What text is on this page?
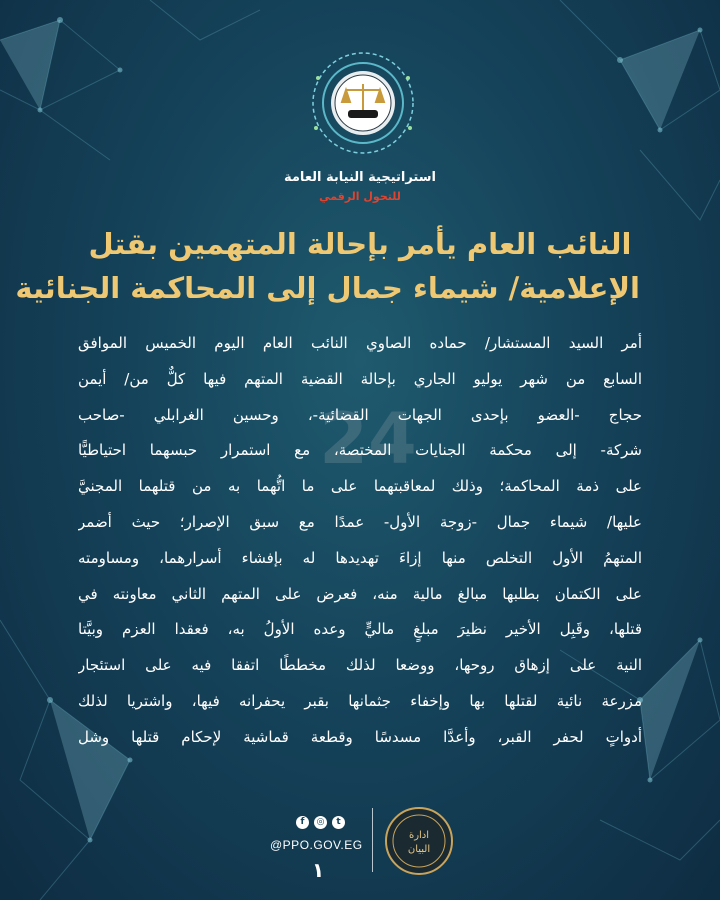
استراتيجية النيابة العامة
للتحول الرقمي
النائب العام يأمر بإحالة المتهمين بقتل
الإعلامية/ شيماء جمال إلى المحاكمة الجنائية
24
أمر السيد المستشار/ حماده الصاوي النائب العام اليوم الخميس الموافق
السابع من شهر يوليو الجاري بإحالة القضية المتهم فيها كلٌّ من/ أيمن
حجاج -العضو بإحدى الجهات القضائية-، وحسين الغرابلي -صاحب
شركة- إلى محكمة الجنايات المختصة، مع استمرار حبسهما احتياطيًّا
على ذمة المحاكمة؛ وذلك لمعاقبتهما على ما اتُّهما به من قتلهما المجنيَّ
عليها/ شيماء جمال -زوجة الأول- عمدًا مع سبق الإصرار؛ حيث أضمر
المتهمُ الأول التخلص منها إزاءَ تهديدها له بإفشاء أسرارهما، ومساومته
على الكتمان بطلبها مبالغ مالية منه، فعرض على المتهم الثاني معاونته في
قتلها، وقَبِل الأخير نظيرَ مبلغٍ ماليٍّ وعده الأولُ به، فعقدا العزم وبيَّتا
النية على إزهاق روحها، ووضعا لذلك مخططًا اتفقا فيه على استئجار
مزرعة نائية لقتلها بها وإخفاء جثمانها بقبر يحفرانه فيها، واشتريا لذلك
أدواتٍ لحفر القبر، وأعدَّا مسدسًا وقطعة قماشية لإحكام قتلها وشل
f	◎	t
@PPO.GOV.EG
١
ادارة
البيان
